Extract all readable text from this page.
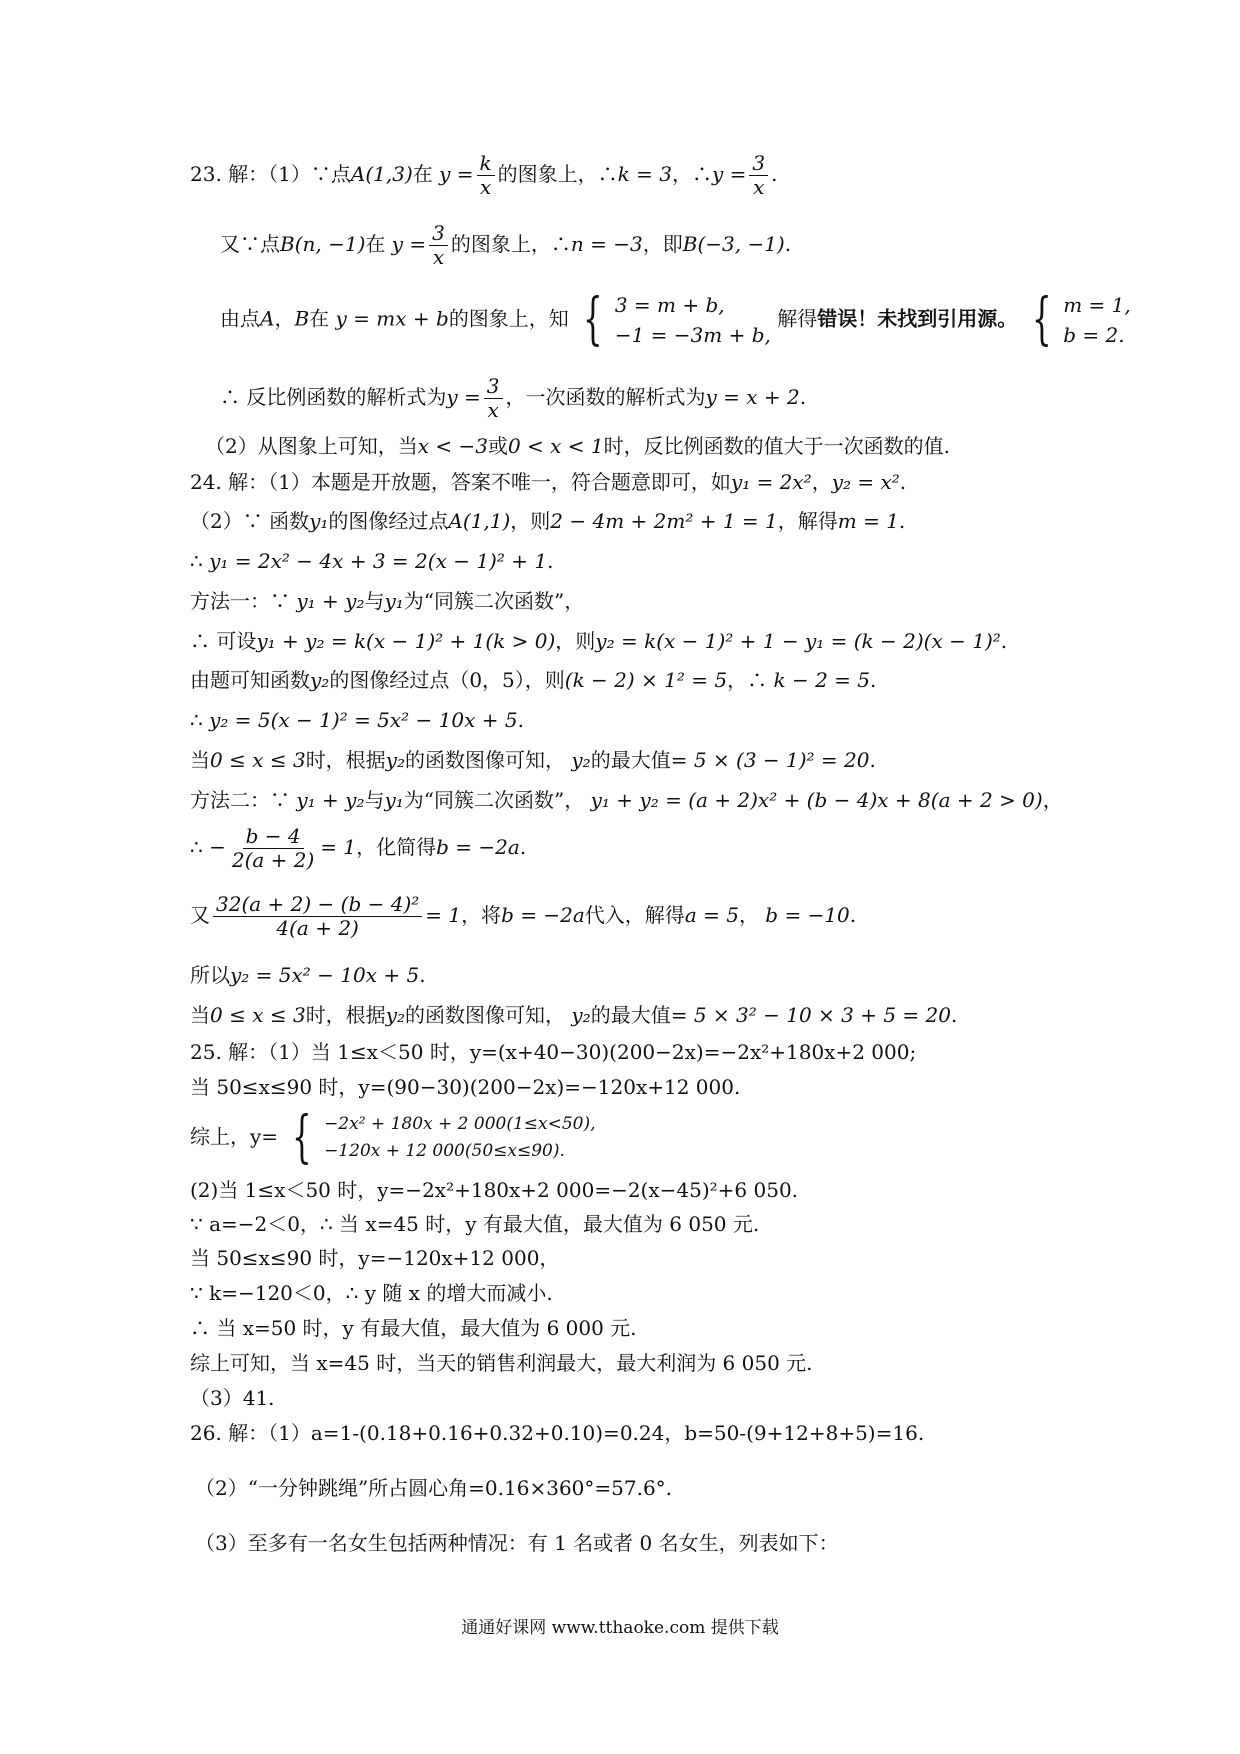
23. 解：（1）∵点A(1,3)在 $y = \frac{k}{x}$ 的图象上，∴k = 3，∴y = $\frac{3}{x}$ .
又∵点B(n, −1)在 $y = \frac{3}{x}$ 的图象上，∴n = −3，即B(−3, −1).
由点A，B在 y = mx + b的图象上，知 { 3 = m + b,
−1 = −3m + b,
解得错误！未找到引用源。 { m = 1,
b = 2.
∴ 反比例函数的解析式为$y = \frac{3}{x}$ ，一次函数的解析式为y = x + 2.
（2）从图象上可知，当x < −3或0 < x < 1时，反比例函数的值大于一次函数的值.
24. 解：（1）本题是开放题，答案不唯一，符合题意即可，如y₁ = 2x²，y₂ = x².
（2）∵ 函数y₁的图像经过点A(1,1)，则2 − 4m + 2m² + 1 = 1，解得m = 1.
∴ y₁ = 2x² − 4x + 3 = 2(x − 1)² + 1.
方法一：∵ y₁ + y₂与y₁为“同簇二次函数”，
∴ 可设y₁ + y₂ = k(x − 1)² + 1(k > 0)，则y₂ = k(x − 1)² + 1 − y₁ = (k − 2)(x − 1)².
由题可知函数y₂的图像经过点（0，5），则(k − 2) × 1² = 5，∴ k − 2 = 5.
∴ y₂ = 5(x − 1)² = 5x² − 10x + 5.
当0 ≤ x ≤ 3时，根据y₂的函数图像可知， y₂的最大值= 5 × (3 − 1)² = 20.
方法二：∵ y₁ + y₂与y₁为“同簇二次函数”， y₁ + y₂ = (a + 2)x² + (b − 4)x + 8(a + 2 > 0)，
∴ − $\frac{b - 4}{2(a + 2)} = 1$，化简得b = −2a.
又 $\frac{\text{32(a + 2) − (b − 4)²}}{4(a + 2)} = 1$，将b = −2a代入，解得a = 5， b = −10.
所以y₂ = 5x² − 10x + 5.
当0 ≤ x ≤ 3时，根据y₂的函数图像可知， y₂的最大值= 5 × 3² − 10 × 3 + 5 = 20.
25. 解：（1）当 1≤x＜50 时，y=(x+40−30)(200−2x)=−2x²+180x+2 000;
当 50≤x≤90 时，y=(90−30)(200−2x)=−120x+12 000.
综上，y= { −2x² + 180x + 2 000(1≤x<50),
−120x + 12 000(50≤x≤90).
(2)当 1≤x＜50 时，y=−2x²+180x+2 000=−2(x−45)²+6 050.
∵ a=−2＜0，∴ 当 x=45 时，y 有最大值，最大值为 6 050 元.
当 50≤x≤90 时，y=−120x+12 000，
∵ k=−120＜0，∴ y 随 x 的增大而减小.
∴ 当 x=50 时，y 有最大值，最大值为 6 000 元.
综上可知，当 x=45 时，当天的销售利润最大，最大利润为 6 050 元.
（3）41.
26. 解：（1）a=1-(0.18+0.16+0.32+0.10)=0.24，b=50-(9+12+8+5)=16.
（2）“一分钟跳绳”所占圆心角=0.16×360°=57.6°.
（3）至多有一名女生包括两种情况：有 1 名或者 0 名女生，列表如下：
通通好课网 www.tthaoke.com 提供下载
